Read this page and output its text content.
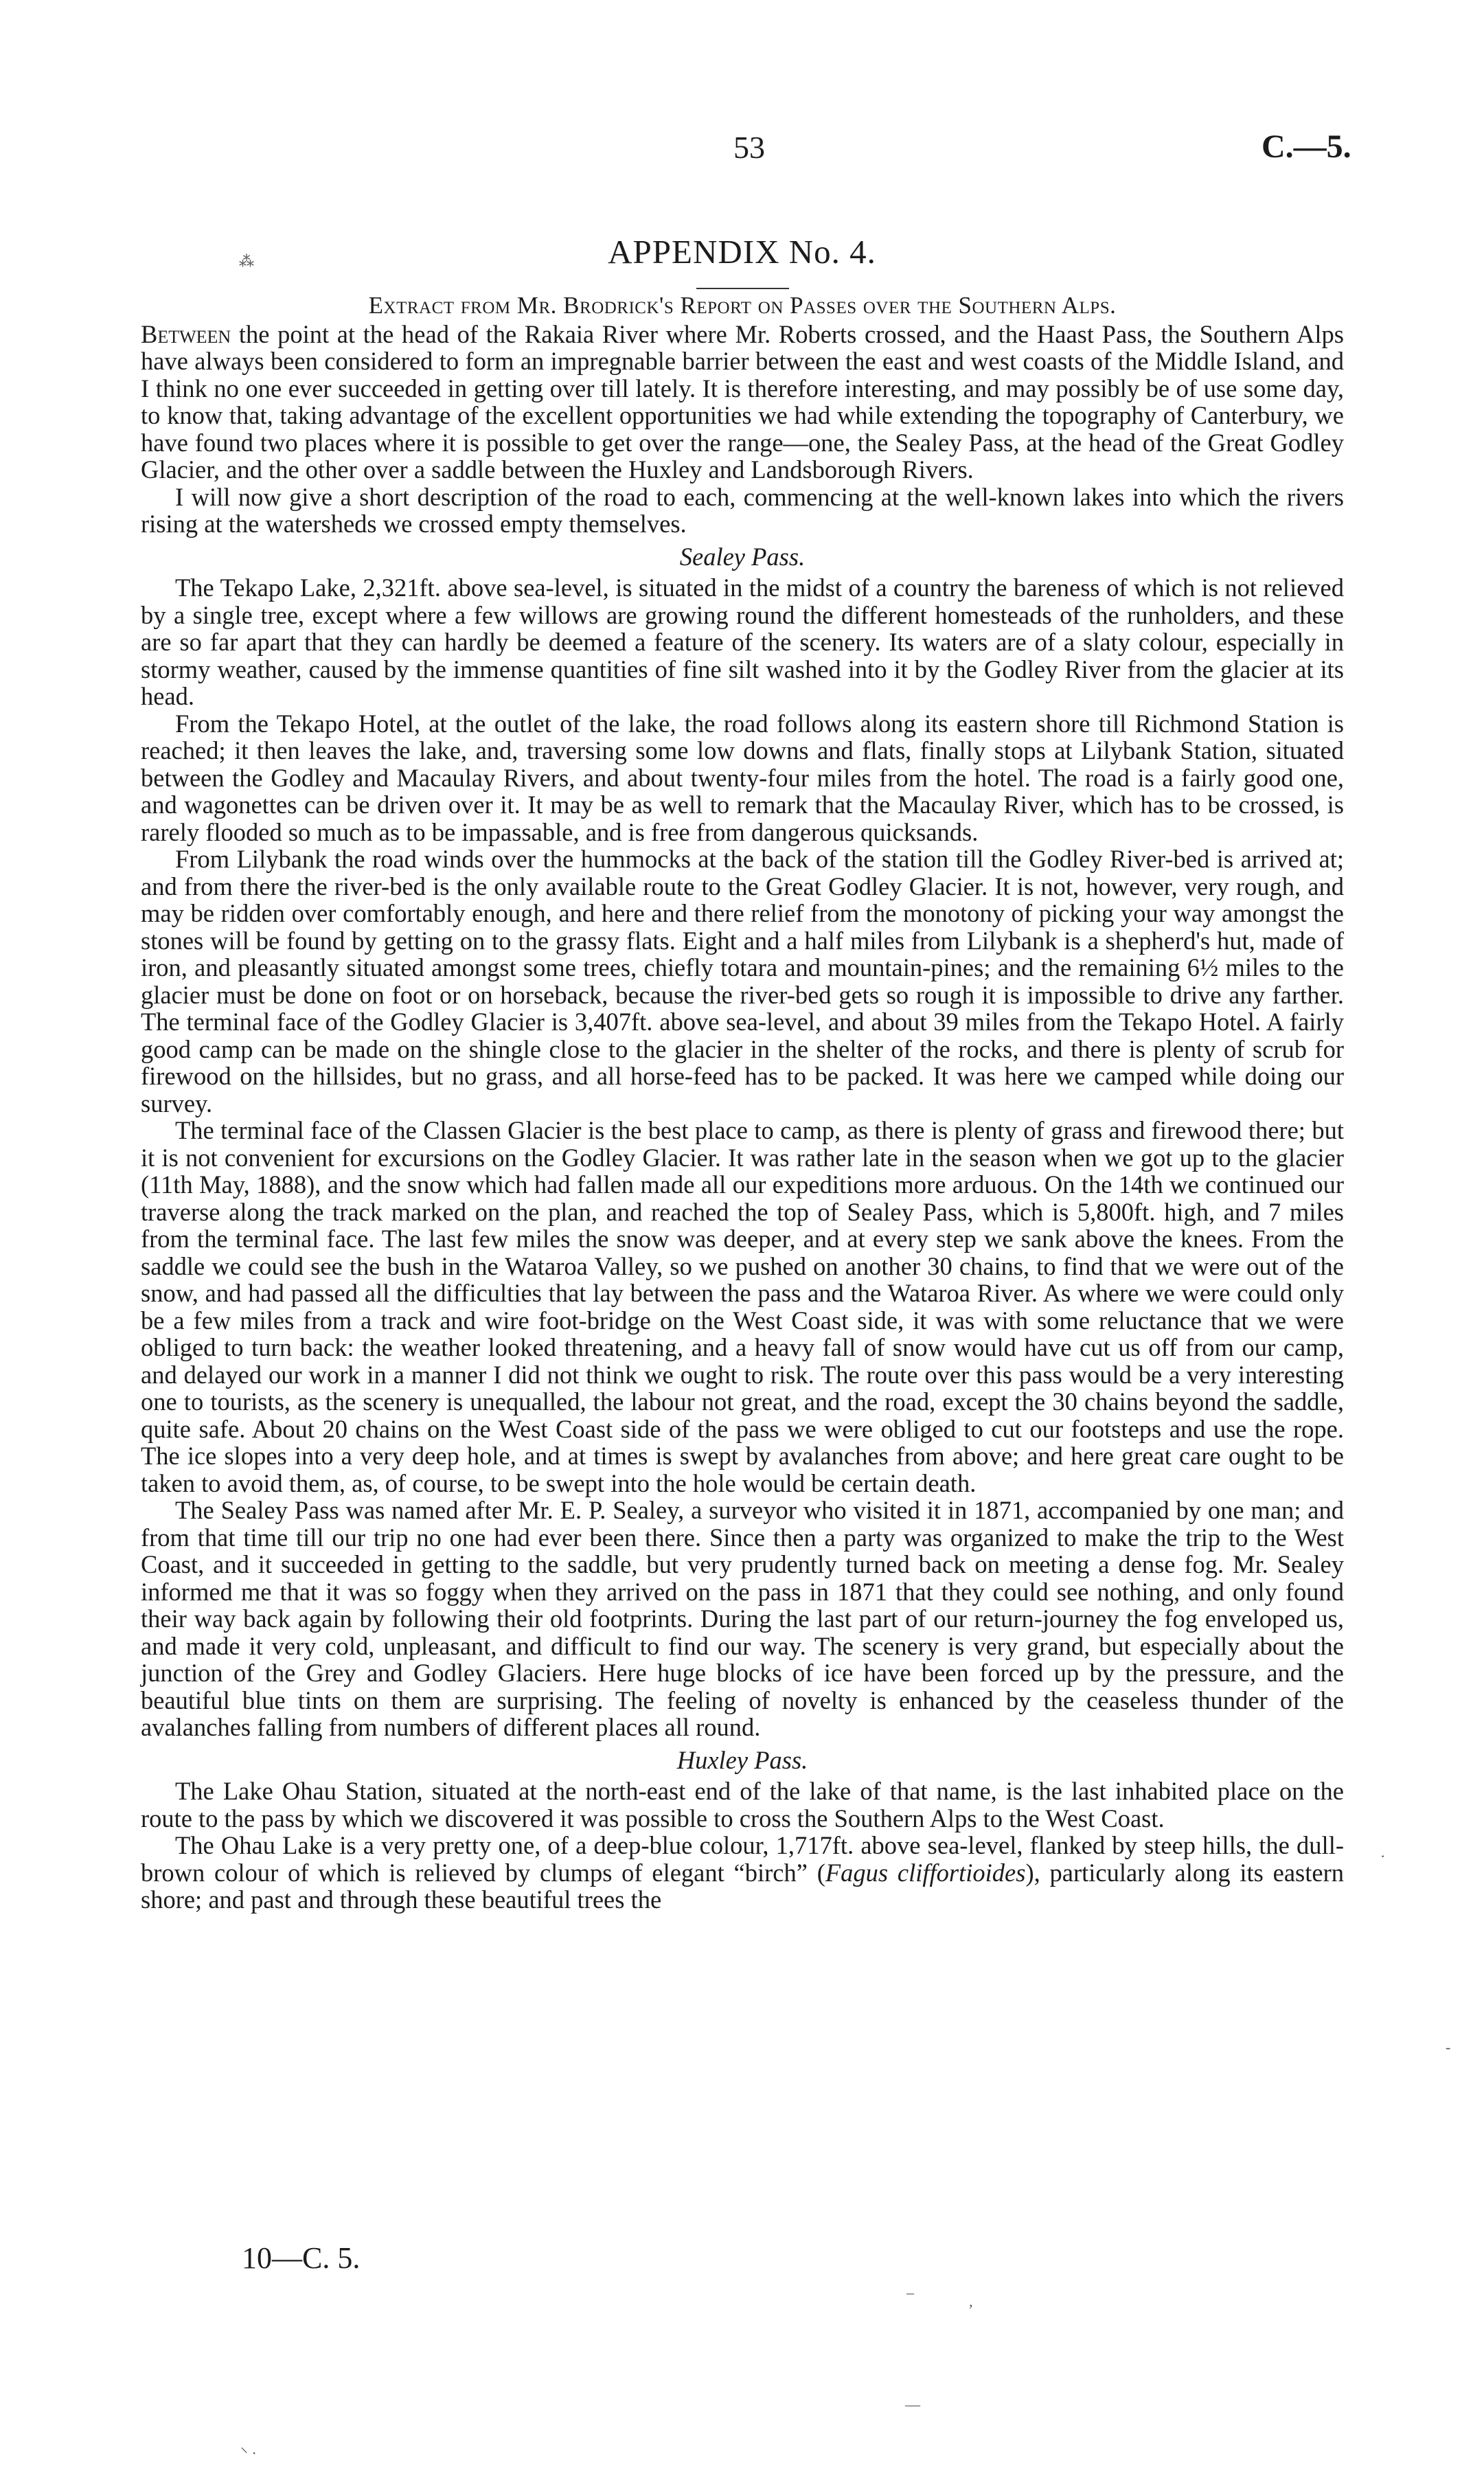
53	C.—5.
APPENDIX No. 4.
⁂
·
-
–
‚
—
⸌ ·
Extract from Mr. Brodrick's Report on Passes over the Southern Alps.

Between the point at the head of the Rakaia River where Mr. Roberts crossed, and the Haast Pass, the Southern Alps have always been considered to form an impregnable barrier between the east and west coasts of the Middle Island, and I think no one ever succeeded in getting over till lately. It is therefore interesting, and may possibly be of use some day, to know that, taking advantage of the excellent opportunities we had while extending the topography of Canterbury, we have found two places where it is possible to get over the range—one, the Sealey Pass, at the head of the Great Godley Glacier, and the other over a saddle between the Huxley and Landsborough Rivers.

I will now give a short description of the road to each, commencing at the well-known lakes into which the rivers rising at the watersheds we crossed empty themselves.

Sealey Pass.

The Tekapo Lake, 2,321ft. above sea-level, is situated in the midst of a country the bareness of which is not relieved by a single tree, except where a few willows are growing round the different homesteads of the runholders, and these are so far apart that they can hardly be deemed a feature of the scenery. Its waters are of a slaty colour, especially in stormy weather, caused by the immense quantities of fine silt washed into it by the Godley River from the glacier at its head.

From the Tekapo Hotel, at the outlet of the lake, the road follows along its eastern shore till Richmond Station is reached; it then leaves the lake, and, traversing some low downs and flats, finally stops at Lilybank Station, situated between the Godley and Macaulay Rivers, and about twenty-four miles from the hotel. The road is a fairly good one, and wagonettes can be driven over it. It may be as well to remark that the Macaulay River, which has to be crossed, is rarely flooded so much as to be impassable, and is free from dangerous quicksands.

From Lilybank the road winds over the hummocks at the back of the station till the Godley River-bed is arrived at; and from there the river-bed is the only available route to the Great Godley Glacier. It is not, however, very rough, and may be ridden over comfortably enough, and here and there relief from the monotony of picking your way amongst the stones will be found by getting on to the grassy flats. Eight and a half miles from Lilybank is a shepherd's hut, made of iron, and pleasantly situated amongst some trees, chiefly totara and mountain-pines; and the remaining 6½ miles to the glacier must be done on foot or on horseback, because the river-bed gets so rough it is impossible to drive any farther. The terminal face of the Godley Glacier is 3,407ft. above sea-level, and about 39 miles from the Tekapo Hotel. A fairly good camp can be made on the shingle close to the glacier in the shelter of the rocks, and there is plenty of scrub for firewood on the hillsides, but no grass, and all horse-feed has to be packed. It was here we camped while doing our survey.

The terminal face of the Classen Glacier is the best place to camp, as there is plenty of grass and firewood there; but it is not convenient for excursions on the Godley Glacier. It was rather late in the season when we got up to the glacier (11th May, 1888), and the snow which had fallen made all our expeditions more arduous. On the 14th we continued our traverse along the track marked on the plan, and reached the top of Sealey Pass, which is 5,800ft. high, and 7 miles from the terminal face. The last few miles the snow was deeper, and at every step we sank above the knees. From the saddle we could see the bush in the Wataroa Valley, so we pushed on another 30 chains, to find that we were out of the snow, and had passed all the difficulties that lay between the pass and the Wataroa River. As where we were could only be a few miles from a track and wire foot-bridge on the West Coast side, it was with some reluctance that we were obliged to turn back: the weather looked threatening, and a heavy fall of snow would have cut us off from our camp, and delayed our work in a manner I did not think we ought to risk. The route over this pass would be a very interesting one to tourists, as the scenery is unequalled, the labour not great, and the road, except the 30 chains beyond the saddle, quite safe. About 20 chains on the West Coast side of the pass we were obliged to cut our footsteps and use the rope. The ice slopes into a very deep hole, and at times is swept by avalanches from above; and here great care ought to be taken to avoid them, as, of course, to be swept into the hole would be certain death.

The Sealey Pass was named after Mr. E. P. Sealey, a surveyor who visited it in 1871, accompanied by one man; and from that time till our trip no one had ever been there. Since then a party was organized to make the trip to the West Coast, and it succeeded in getting to the saddle, but very prudently turned back on meeting a dense fog. Mr. Sealey informed me that it was so foggy when they arrived on the pass in 1871 that they could see nothing, and only found their way back again by following their old footprints. During the last part of our return-journey the fog enveloped us, and made it very cold, unpleasant, and difficult to find our way. The scenery is very grand, but especially about the junction of the Grey and Godley Glaciers. Here huge blocks of ice have been forced up by the pressure, and the beautiful blue tints on them are surprising. The feeling of novelty is enhanced by the ceaseless thunder of the avalanches falling from numbers of different places all round.

Huxley Pass.

The Lake Ohau Station, situated at the north-east end of the lake of that name, is the last inhabited place on the route to the pass by which we discovered it was possible to cross the Southern Alps to the West Coast.

The Ohau Lake is a very pretty one, of a deep-blue colour, 1,717ft. above sea-level, flanked by steep hills, the dull-brown colour of which is relieved by clumps of elegant “birch” (Fagus cliffortioides), particularly along its eastern shore; and past and through these beautiful trees the

10—C. 5.
